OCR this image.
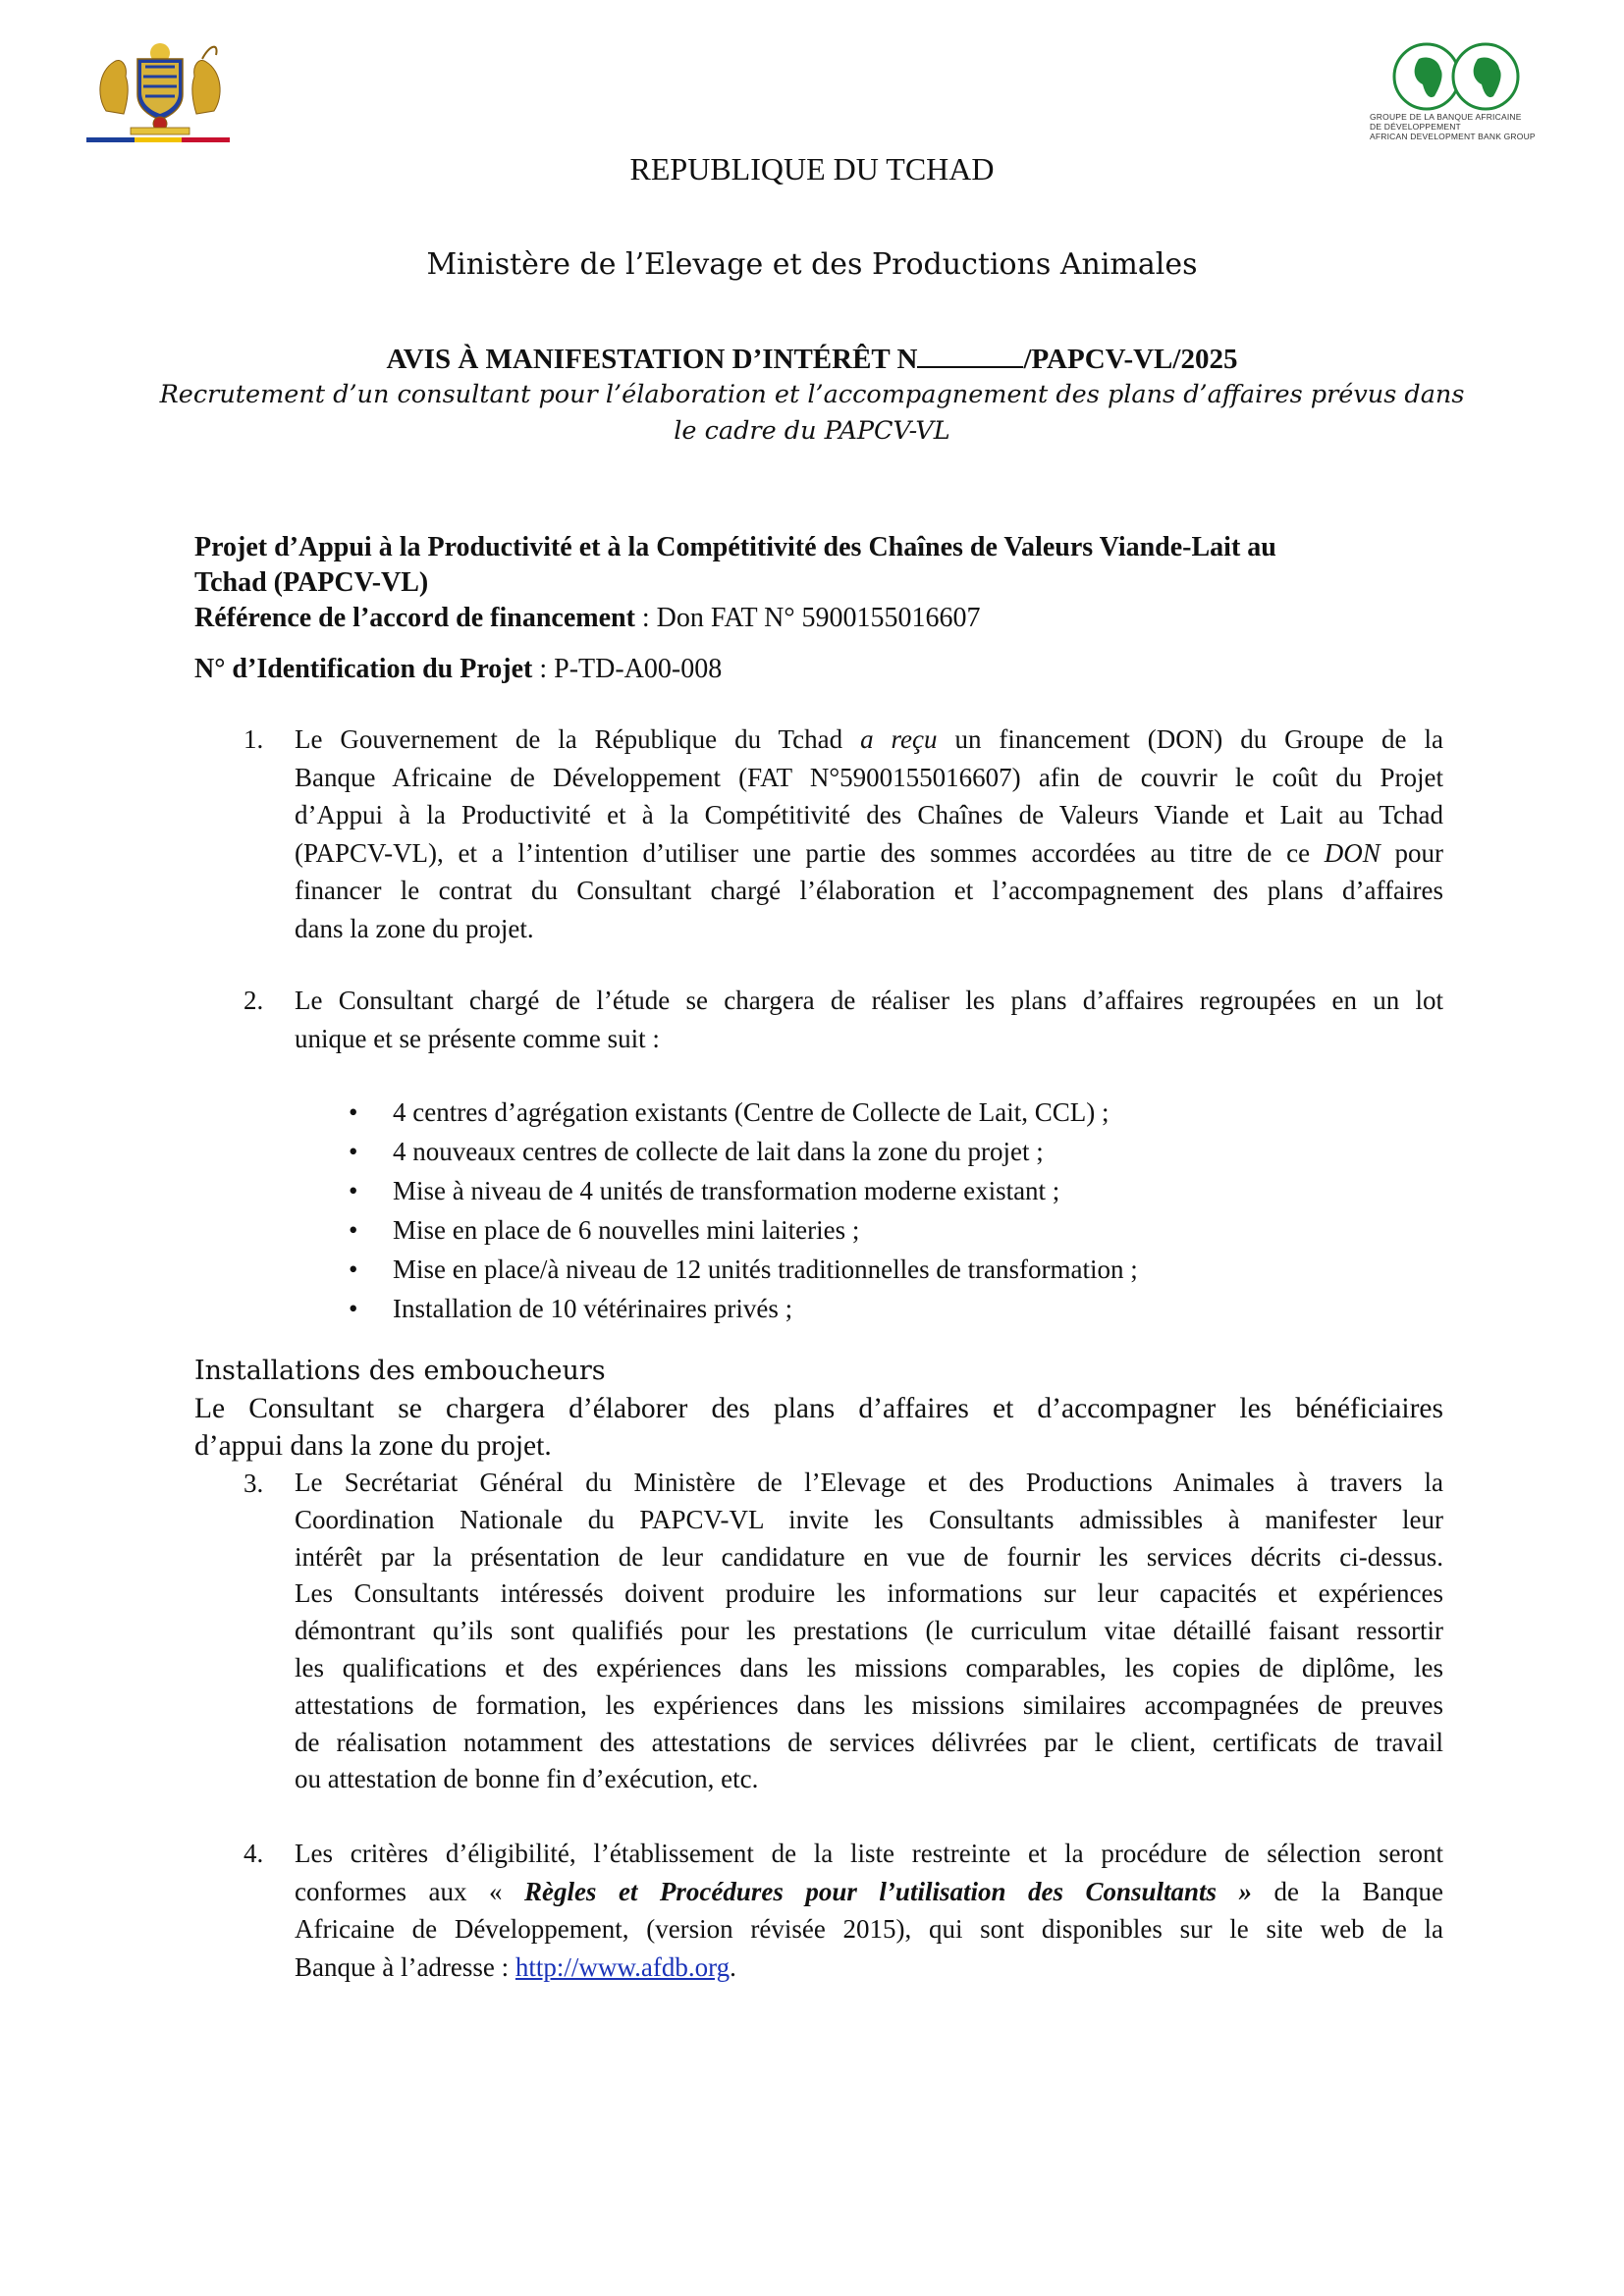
GROUPE DE LA BANQUE AFRICAINE
DE DÉVELOPPEMENT
AFRICAN DEVELOPMENT BANK GROUP
REPUBLIQUE DU TCHAD
Ministère de l’Elevage et des Productions Animales
AVIS À MANIFESTATION D’INTÉRÊT N	/PAPCV-VL/2025
Recrutement d’un consultant pour l’élaboration et l’accompagnement des plans d’affaires prévus dans
le cadre du PAPCV-VL
Projet d’Appui à la Productivité et à la Compétitivité des Chaînes de Valeurs Viande-Lait au
Tchad (PAPCV-VL)
Référence de l’accord de financement : Don FAT N° 5900155016607
N° d’Identification du Projet : P-TD-A00-008
1. Le Gouvernement de la République du Tchad a reçu un financement (DON) du Groupe de la
Banque Africaine de Développement (FAT N°5900155016607) afin de couvrir le coût du Projet
d’Appui à la Productivité et à la Compétitivité des Chaînes de Valeurs Viande et Lait au Tchad
(PAPCV-VL), et a l’intention d’utiliser une partie des sommes accordées au titre de ce DON pour
financer le contrat du Consultant chargé l’élaboration et l’accompagnement des plans d’affaires
dans la zone du projet.
2. Le Consultant chargé de l’étude se chargera de réaliser les plans d’affaires regroupées en un lot
unique et se présente comme suit :
• 4 centres d’agrégation existants (Centre de Collecte de Lait, CCL) ;
• 4 nouveaux centres de collecte de lait dans la zone du projet ;
• Mise à niveau de 4 unités de transformation moderne existant ;
• Mise en place de 6 nouvelles mini laiteries ;
• Mise en place/à niveau de 12 unités traditionnelles de transformation ;
• Installation de 10 vétérinaires privés ;
Installations des emboucheurs
Le Consultant se chargera d’élaborer des plans d’affaires et d’accompagner les bénéficiaires
d’appui dans la zone du projet.
3. Le Secrétariat Général du Ministère de l’Elevage et des Productions Animales à travers la
Coordination Nationale du PAPCV-VL invite les Consultants admissibles à manifester leur
intérêt par la présentation de leur candidature en vue de fournir les services décrits ci-dessus.
Les Consultants intéressés doivent produire les informations sur leur capacités et expériences
démontrant qu’ils sont qualifiés pour les prestations (le curriculum vitae détaillé faisant ressortir
les qualifications et des expériences dans les missions comparables, les copies de diplôme, les
attestations de formation, les expériences dans les missions similaires accompagnées de preuves
de réalisation notamment des attestations de services délivrées par le client, certificats de travail
ou attestation de bonne fin d’exécution, etc.
4. Les critères d’éligibilité, l’établissement de la liste restreinte et la procédure de sélection seront
conformes aux « Règles et Procédures pour l’utilisation des Consultants » de la Banque
Africaine de Développement, (version révisée 2015), qui sont disponibles sur le site web de la
Banque à l’adresse : http://www.afdb.org.
